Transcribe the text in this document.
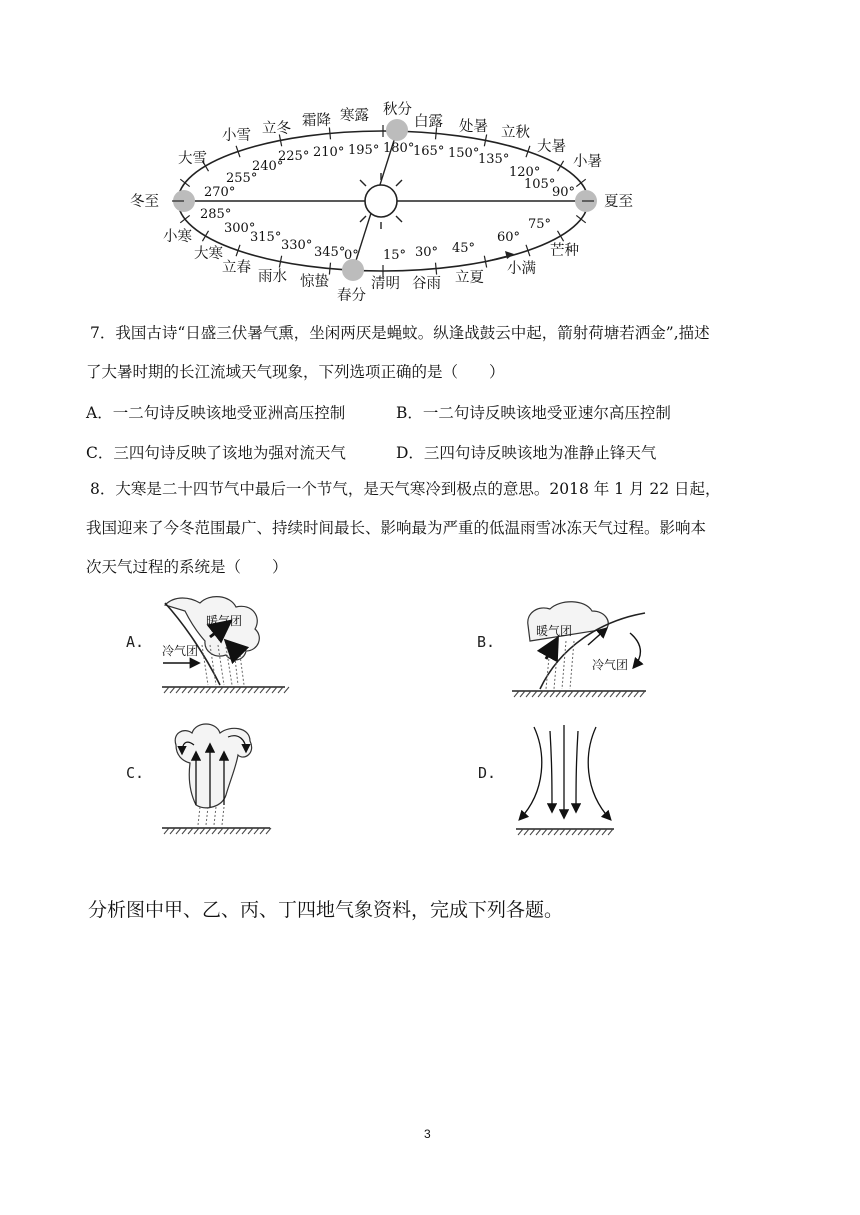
春分
清明 谷雨 立夏
小满
芒种
夏至
小暑
大暑
立秋
处暑
白露
秋分
寒露
霜降
立冬
小雪
大雪
冬至
小寒
大寒
立春
雨水 惊蛰
0° 15° 30° 45°
60°
75°
90°
105°
120°
135°
150°
165°
180°
195°
210°
225°
240°
255°
270°
285°
300°
315°
330° 345°
7．我国古诗“日盛三伏暑气熏，坐闲两厌是蝇蚊。纵逢战鼓云中起，箭射荷塘若洒金”,描述
了大暑时期的长江流域天气现象，下列选项正确的是（　　）
A．一二句诗反映该地受亚洲高压控制	B．一二句诗反映该地受亚速尔高压控制
C．三四句诗反映了该地为强对流天气	D．三四句诗反映该地为准静止锋天气
8．大寒是二十四节气中最后一个节气，是天气寒冷到极点的意思。2018 年 1 月 22 日起，
我国迎来了今冬范围最广、持续时间最长、影响最为严重的低温雨雪冰冻天气过程。影响本
次天气过程的系统是（　　）
A.
暖气团
冷气团	B.
暖气团
冷气团
C.	D.
分析图中甲、乙、丙、丁四地气象资料，完成下列各题。
3
